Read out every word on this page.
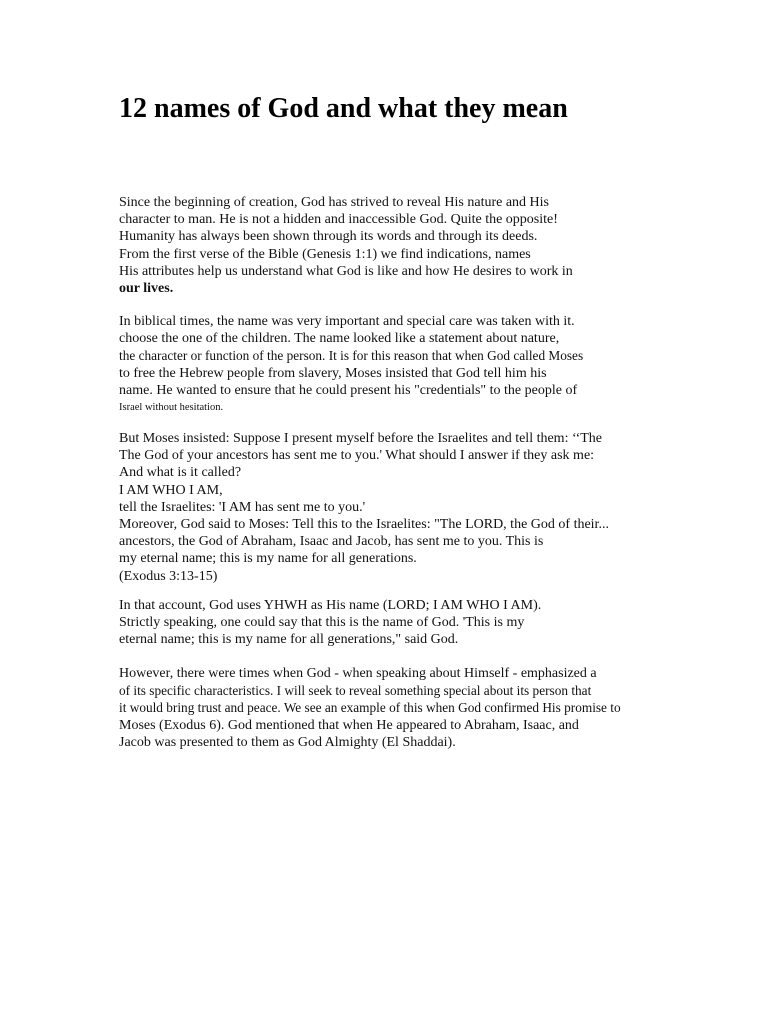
12 names of God and what they mean

Since the beginning of creation, God has strived to reveal His nature and His
character to man. He is not a hidden and inaccessible God. Quite the opposite!
Humanity has always been shown through its words and through its deeds.
From the first verse of the Bible (Genesis 1:1) we find indications, names
His attributes help us understand what God is like and how He desires to work in
our lives.

In biblical times, the name was very important and special care was taken with it.
choose the one of the children. The name looked like a statement about nature,
the character or function of the person. It is for this reason that when God called Moses
to free the Hebrew people from slavery, Moses insisted that God tell him his
name. He wanted to ensure that he could present his "credentials" to the people of
Israel without hesitation.

But Moses insisted: Suppose I present myself before the Israelites and tell them: ‘‘The
The God of your ancestors has sent me to you.' What should I answer if they ask me:
And what is it called?
I AM WHO I AM,
tell the Israelites: 'I AM has sent me to you.'
Moreover, God said to Moses: Tell this to the Israelites: "The LORD, the God of their...
ancestors, the God of Abraham, Isaac and Jacob, has sent me to you. This is
my eternal name; this is my name for all generations.
(Exodus 3:13-15)

In that account, God uses YHWH as His name (LORD; I AM WHO I AM).
Strictly speaking, one could say that this is the name of God. 'This is my
eternal name; this is my name for all generations," said God.

However, there were times when God - when speaking about Himself - emphasized a
of its specific characteristics. I will seek to reveal something special about its person that
it would bring trust and peace. We see an example of this when God confirmed His promise to
Moses (Exodus 6). God mentioned that when He appeared to Abraham, Isaac, and
Jacob was presented to them as God Almighty (El Shaddai).
